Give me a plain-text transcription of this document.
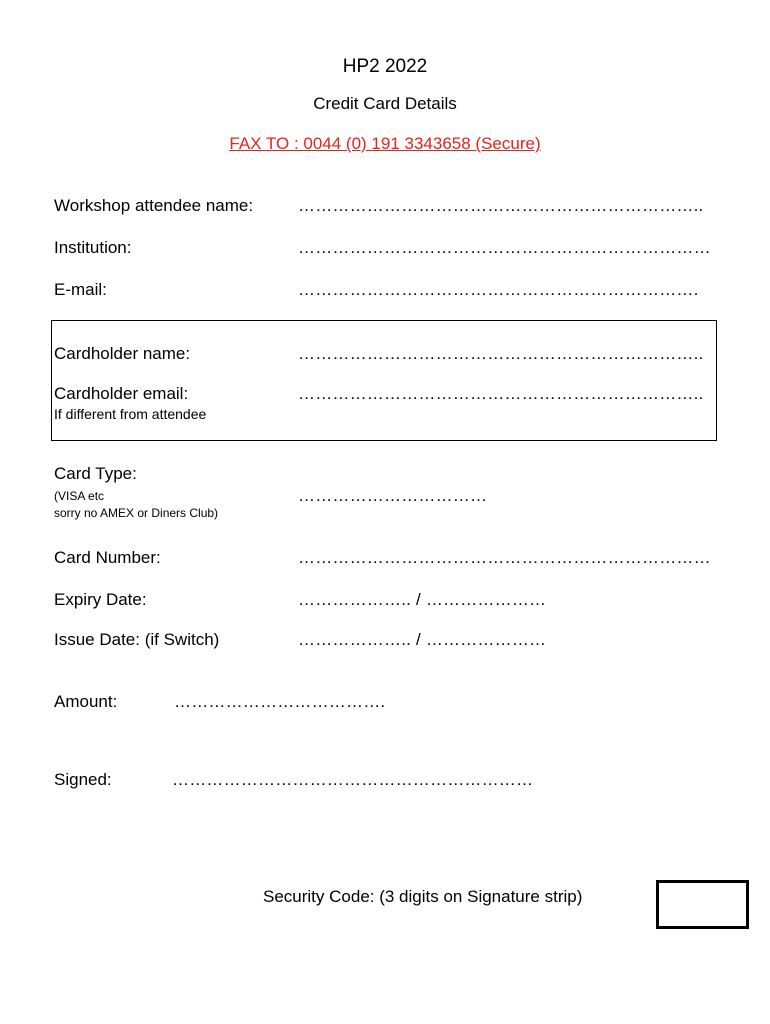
HP2 2022
Credit Card Details
FAX TO : 0044 (0) 191 3343658 (Secure)
Workshop attendee name:	……………………………………………………………..
Institution:	………………………………………………………………
E-mail:	…………………………………………………………….
Cardholder name:	……………………………………………………………..
Cardholder email:
If different from attendee
……………………………………………………………..
Card Type:
(VISA etc
sorry no AMEX or Diners Club)
……………………………
Card Number:	………………………………………………………………
Expiry Date:	……………….. / …………………
Issue Date: (if Switch)	……………….. / …………………
Amount:	……………………………….
Signed:	………………………………………………………
Security Code: (3 digits on Signature strip)
